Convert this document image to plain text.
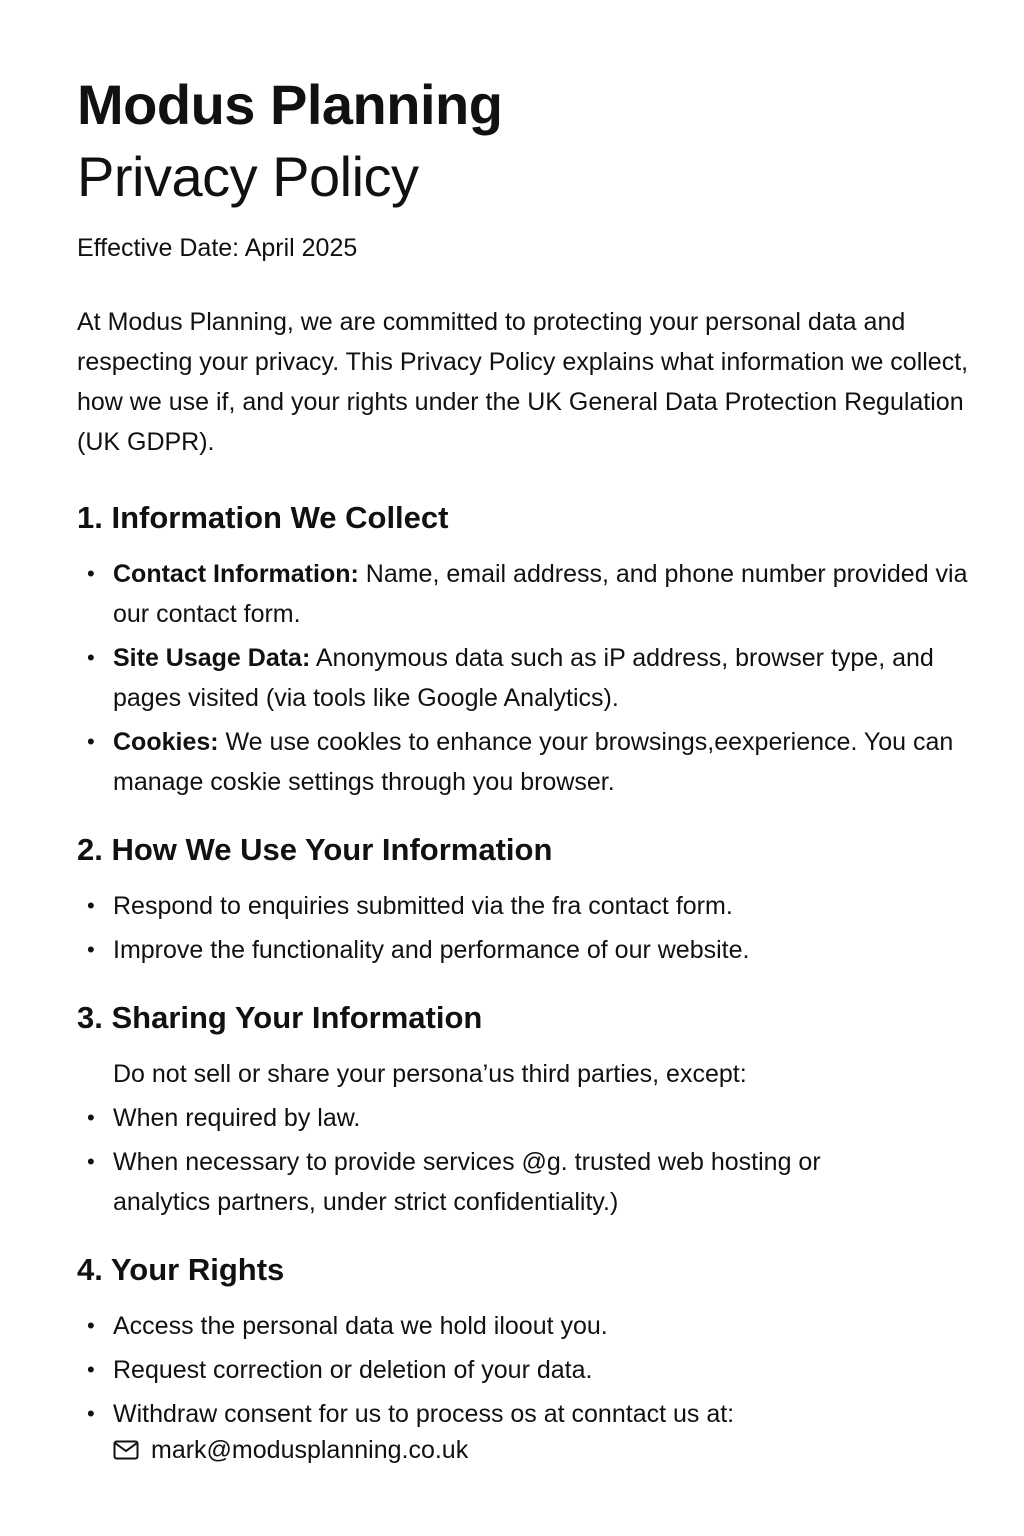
Modus Planning
Privacy Policy

Effective Date: April 2025

At Modus Planning, we are committed to protecting your personal data and respecting your privacy. This Privacy Policy explains what information we collect, how we use if, and your rights under the UK General Data Protection Regulation (UK GDPR).

1. Information We Collect
• Contact Information: Name, email address, and phone number provided via our contact form.
• Site Usage Data: Anonymous data such as iP address, browser type, and pages visited (via tools like Google Analytics).
• Cookies: We use cookles to enhance your browsings,eexperience. You can manage coskie settings through you browser.
2. How We Use Your Information
• Respond to enquiries submitted via the fra contact form.
• Improve the functionality and performance of our website.
3. Sharing Your Information

Do not sell or share your persona’us third parties, except:

• When required by law.
• When necessary to provide services @g. trusted web hosting or analytics partners, under strict confidentiality.)
4. Your Rights
• Access the personal data we hold iloout you.
• Request correction or deletion of your data.
• Withdraw consent for us to process os at conntact us at:
mark@modusplanning.co.uk
